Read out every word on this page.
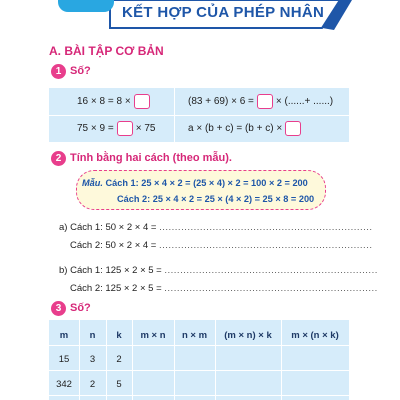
KẾT HỢP CỦA PHÉP NHÂN
A. BÀI TẬP CƠ BẢN
1 Số?
16 × 8 = 8 ×	(83 + 69) × 6 = × (......+ ......)
75 × 9 = × 75	a × (b + c) = (b + c) ×
2 Tính bằng hai cách (theo mẫu).
Mẫu. Cách 1: 25 × 4 × 2 = (25 × 4) × 2 = 100 × 2 = 200
Cách 2: 25 × 4 × 2 = 25 × (4 × 2) = 25 × 8 = 200
a) Cách 1: 50 × 2 × 4 = ....................................................................
Cách 2: 50 × 2 × 4 = ....................................................................
b) Cách 1: 125 × 2 × 5 = ....................................................................
Cách 2: 125 × 2 × 5 = ....................................................................
3 Số?
m	n	k	m × n	n × m	(m × n) × k	m × (n × k)
15	3	2
342	2	5
